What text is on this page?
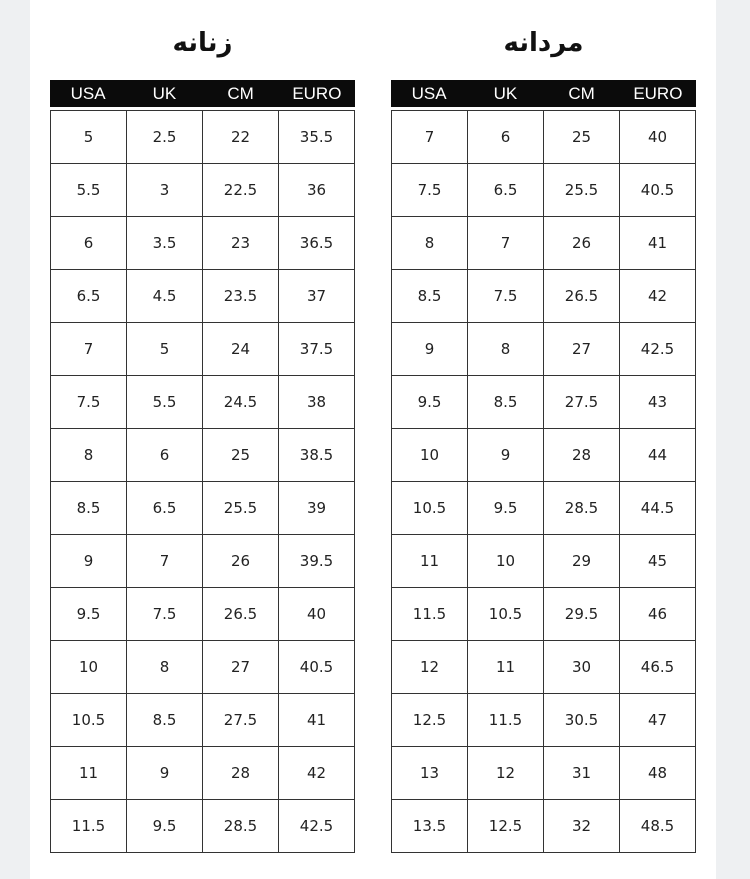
زنانه
USA	UK	CM	EURO
5	2.5	22	35.5
5.5	3	22.5	36
6	3.5	23	36.5
6.5	4.5	23.5	37
7	5	24	37.5
7.5	5.5	24.5	38
8	6	25	38.5
8.5	6.5	25.5	39
9	7	26	39.5
9.5	7.5	26.5	40
10	8	27	40.5
10.5	8.5	27.5	41
11	9	28	42
11.5	9.5	28.5	42.5
مردانه
USA	UK	CM	EURO
7	6	25	40
7.5	6.5	25.5	40.5
8	7	26	41
8.5	7.5	26.5	42
9	8	27	42.5
9.5	8.5	27.5	43
10	9	28	44
10.5	9.5	28.5	44.5
11	10	29	45
11.5	10.5	29.5	46
12	11	30	46.5
12.5	11.5	30.5	47
13	12	31	48
13.5	12.5	32	48.5
